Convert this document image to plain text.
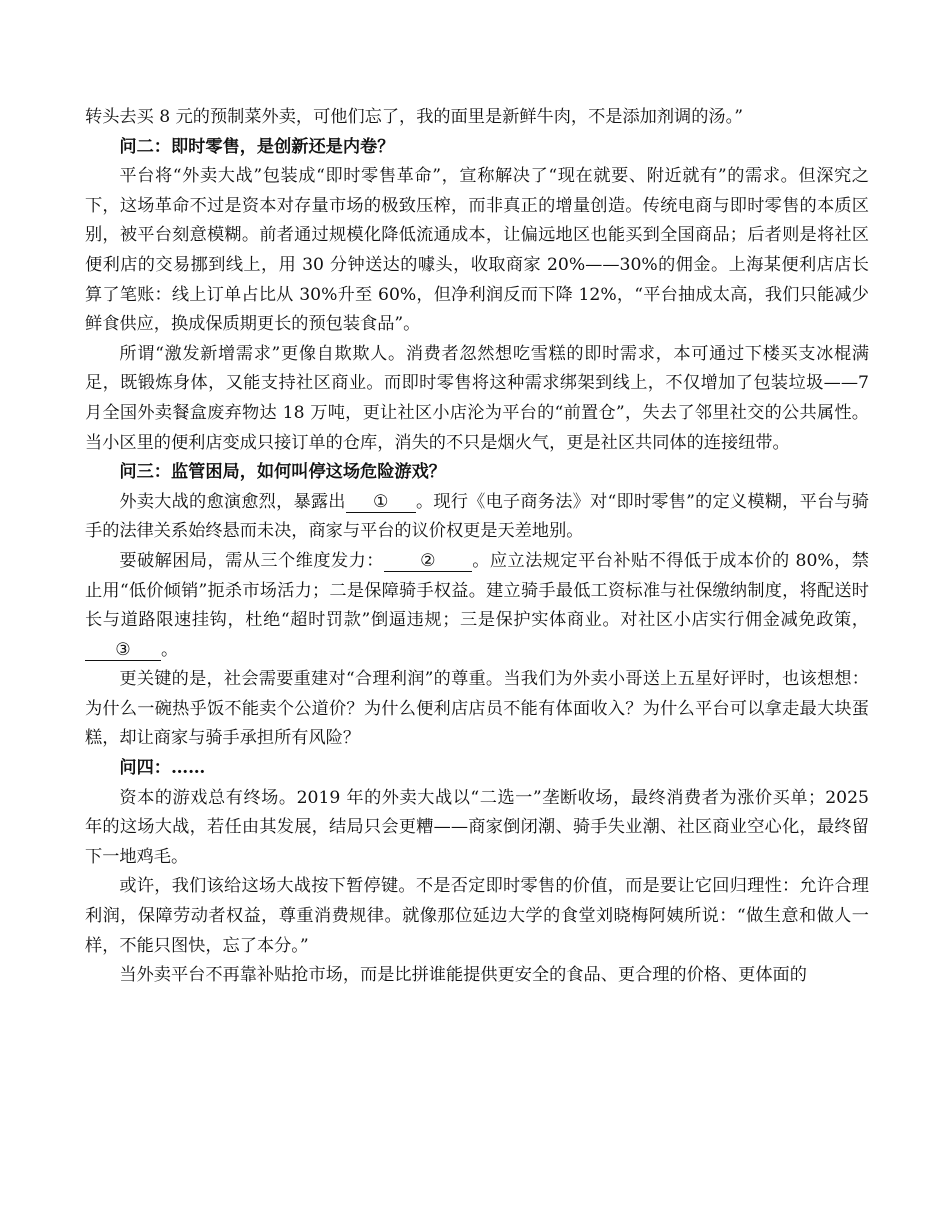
转头去买 8 元的预制菜外卖，可他们忘了，我的面里是新鲜牛肉，不是添加剂调的汤。”

问二：即时零售，是创新还是内卷？

平台将“外卖大战”包装成“即时零售革命”，宣称解决了“现在就要、附近就有”的需求。但深究之下，这场革命不过是资本对存量市场的极致压榨，而非真正的增量创造。传统电商与即时零售的本质区别，被平台刻意模糊。前者通过规模化降低流通成本，让偏远地区也能买到全国商品；后者则是将社区便利店的交易挪到线上，用 30 分钟送达的噱头，收取商家 20%——30%的佣金。上海某便利店店长算了笔账：线上订单占比从 30%升至 60%，但净利润反而下降 12%，“平台抽成太高，我们只能减少鲜食供应，换成保质期更长的预包装食品”。

所谓“激发新增需求”更像自欺欺人。消费者忽然想吃雪糕的即时需求，本可通过下楼买支冰棍满足，既锻炼身体，又能支持社区商业。而即时零售将这种需求绑架到线上，不仅增加了包装垃圾——7 月全国外卖餐盒废弃物达 18 万吨，更让社区小店沦为平台的“前置仓”，失去了邻里社交的公共属性。当小区里的便利店变成只接订单的仓库，消失的不只是烟火气，更是社区共同体的连接纽带。

问三：监管困局，如何叫停这场危险游戏？

外卖大战的愈演愈烈，暴露出 ① 。现行《电子商务法》对“即时零售”的定义模糊，平台与骑手的法律关系始终悬而未决，商家与平台的议价权更是天差地别。

要破解困局，需从三个维度发力： ② 。应立法规定平台补贴不得低于成本价的 80%，禁止用“低价倾销”扼杀市场活力；二是保障骑手权益。建立骑手最低工资标准与社保缴纳制度，将配送时长与道路限速挂钩，杜绝“超时罚款”倒逼违规；三是保护实体商业。对社区小店实行佣金减免政策，③ 。

更关键的是，社会需要重建对“合理利润”的尊重。当我们为外卖小哥送上五星好评时，也该想想：为什么一碗热乎饭不能卖个公道价？为什么便利店店员不能有体面收入？为什么平台可以拿走最大块蛋糕，却让商家与骑手承担所有风险？

问四：……

资本的游戏总有终场。2019 年的外卖大战以“二选一”垄断收场，最终消费者为涨价买单；2025 年的这场大战，若任由其发展，结局只会更糟——商家倒闭潮、骑手失业潮、社区商业空心化，最终留下一地鸡毛。

或许，我们该给这场大战按下暂停键。不是否定即时零售的价值，而是要让它回归理性：允许合理利润，保障劳动者权益，尊重消费规律。就像那位延边大学的食堂刘晓梅阿姨所说：“做生意和做人一样，不能只图快，忘了本分。”

当外卖平台不再靠补贴抢市场，而是比拼谁能提供更安全的食品、更合理的价格、更体面的
